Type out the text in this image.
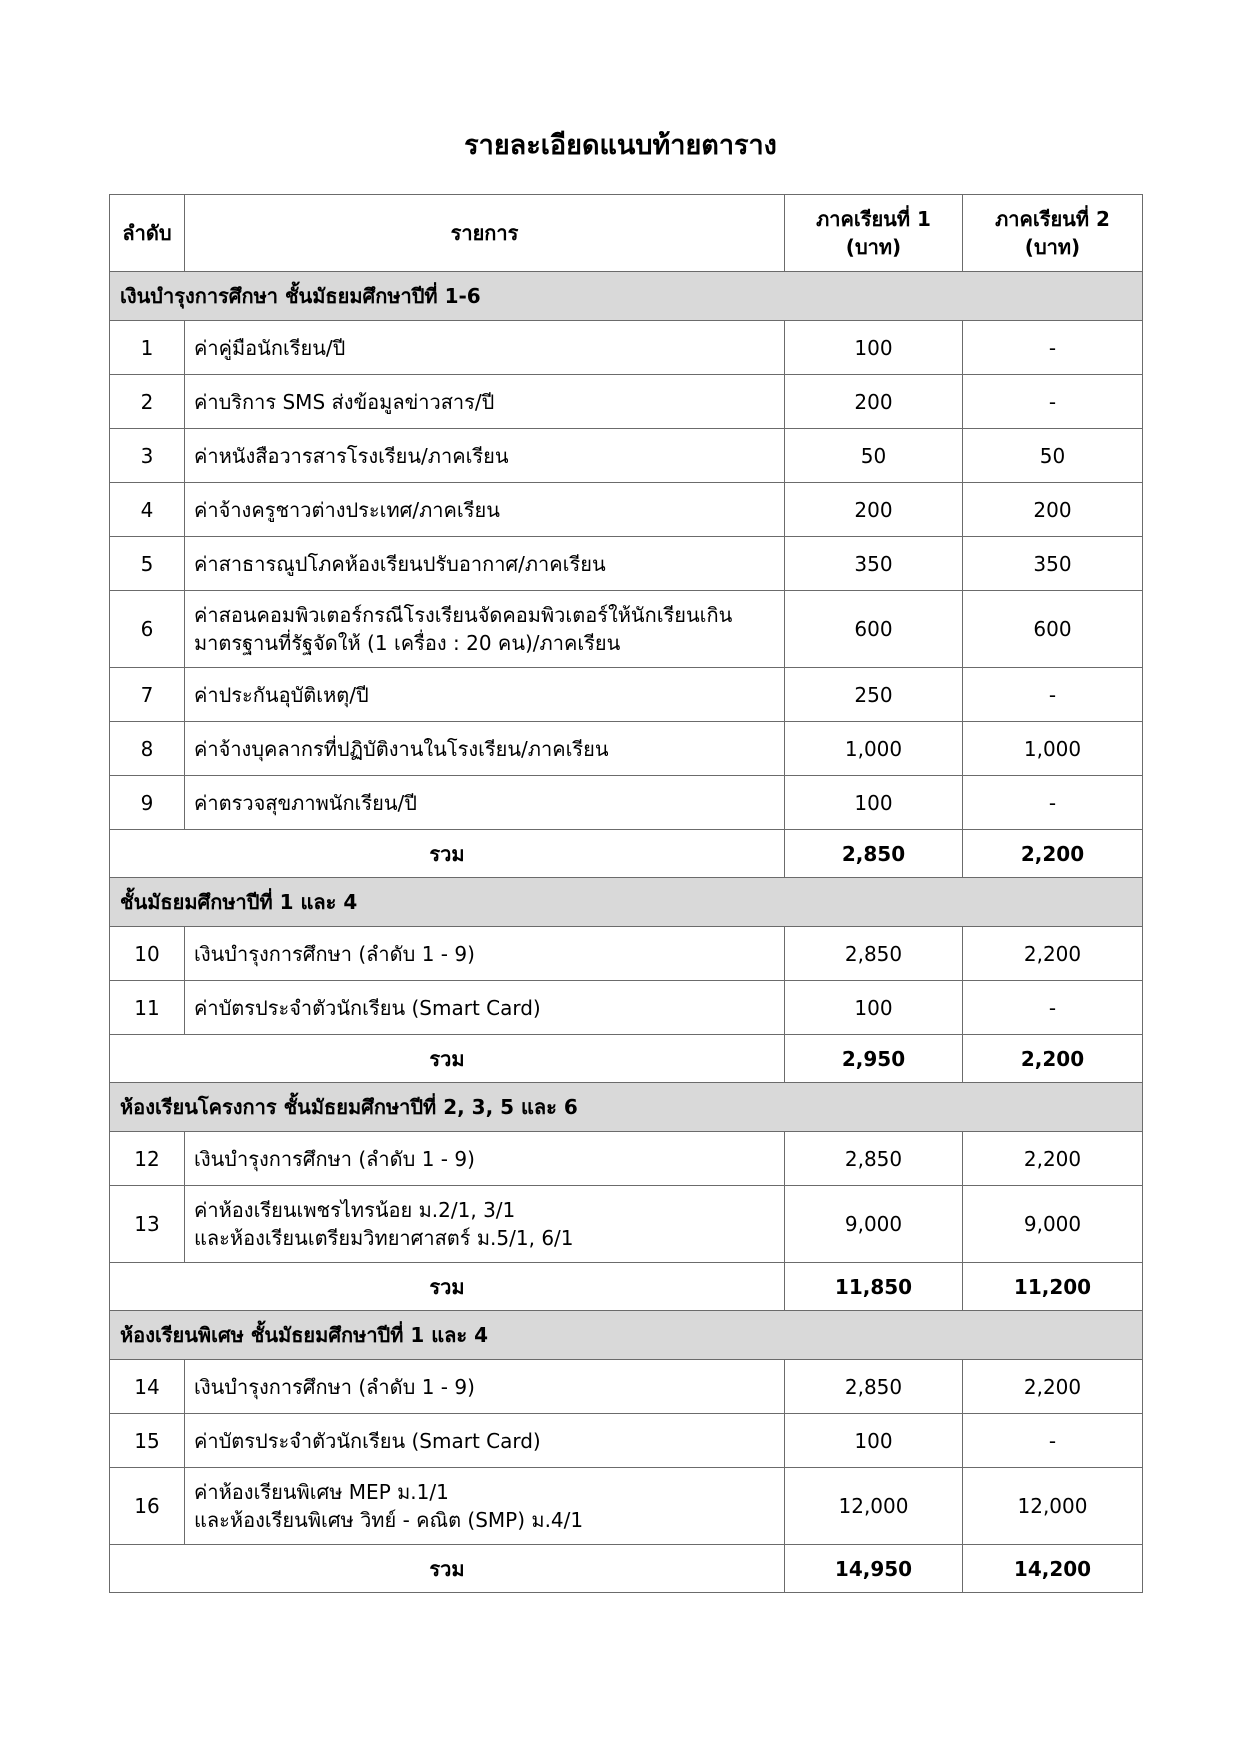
รายละเอียดแนบท้ายตาราง
ลำดับ	รายการ	ภาคเรียนที่ 1
(บาท)	ภาคเรียนที่ 2
(บาท)

เงินบำรุงการศึกษา ชั้นมัธยมศึกษาปีที่ 1-6			
1	ค่าคู่มือนักเรียน/ปี	100	-
2	ค่าบริการ SMS ส่งข้อมูลข่าวสาร/ปี	200	-
3	ค่าหนังสือวารสารโรงเรียน/ภาคเรียน	50	50
4	ค่าจ้างครูชาวต่างประเทศ/ภาคเรียน	200	200
5	ค่าสาธารณูปโภคห้องเรียนปรับอากาศ/ภาคเรียน	350	350
6	ค่าสอนคอมพิวเตอร์กรณีโรงเรียนจัดคอมพิวเตอร์ให้นักเรียนเกิน
มาตรฐานที่รัฐจัดให้ (1 เครื่อง : 20 คน)/ภาคเรียน	600	600
7	ค่าประกันอุบัติเหตุ/ปี	250	-
8	ค่าจ้างบุคลากรที่ปฏิบัติงานในโรงเรียน/ภาคเรียน	1,000	1,000
9	ค่าตรวจสุขภาพนักเรียน/ปี	100	-
รวม		2,850	2,200
ชั้นมัธยมศึกษาปีที่ 1 และ 4			
10	เงินบำรุงการศึกษา (ลำดับ 1 - 9)	2,850	2,200
11	ค่าบัตรประจำตัวนักเรียน (Smart Card)	100	-
รวม		2,950	2,200
ห้องเรียนโครงการ ชั้นมัธยมศึกษาปีที่ 2, 3, 5 และ 6			
12	เงินบำรุงการศึกษา (ลำดับ 1 - 9)	2,850	2,200
13	ค่าห้องเรียนเพชรไทรน้อย ม.2/1, 3/1
และห้องเรียนเตรียมวิทยาศาสตร์ ม.5/1, 6/1	9,000	9,000
รวม		11,850	11,200
ห้องเรียนพิเศษ ชั้นมัธยมศึกษาปีที่ 1 และ 4			
14	เงินบำรุงการศึกษา (ลำดับ 1 - 9)	2,850	2,200
15	ค่าบัตรประจำตัวนักเรียน (Smart Card)	100	-
16	ค่าห้องเรียนพิเศษ MEP ม.1/1
และห้องเรียนพิเศษ วิทย์ - คณิต (SMP) ม.4/1	12,000	12,000
รวม		14,950	14,200
